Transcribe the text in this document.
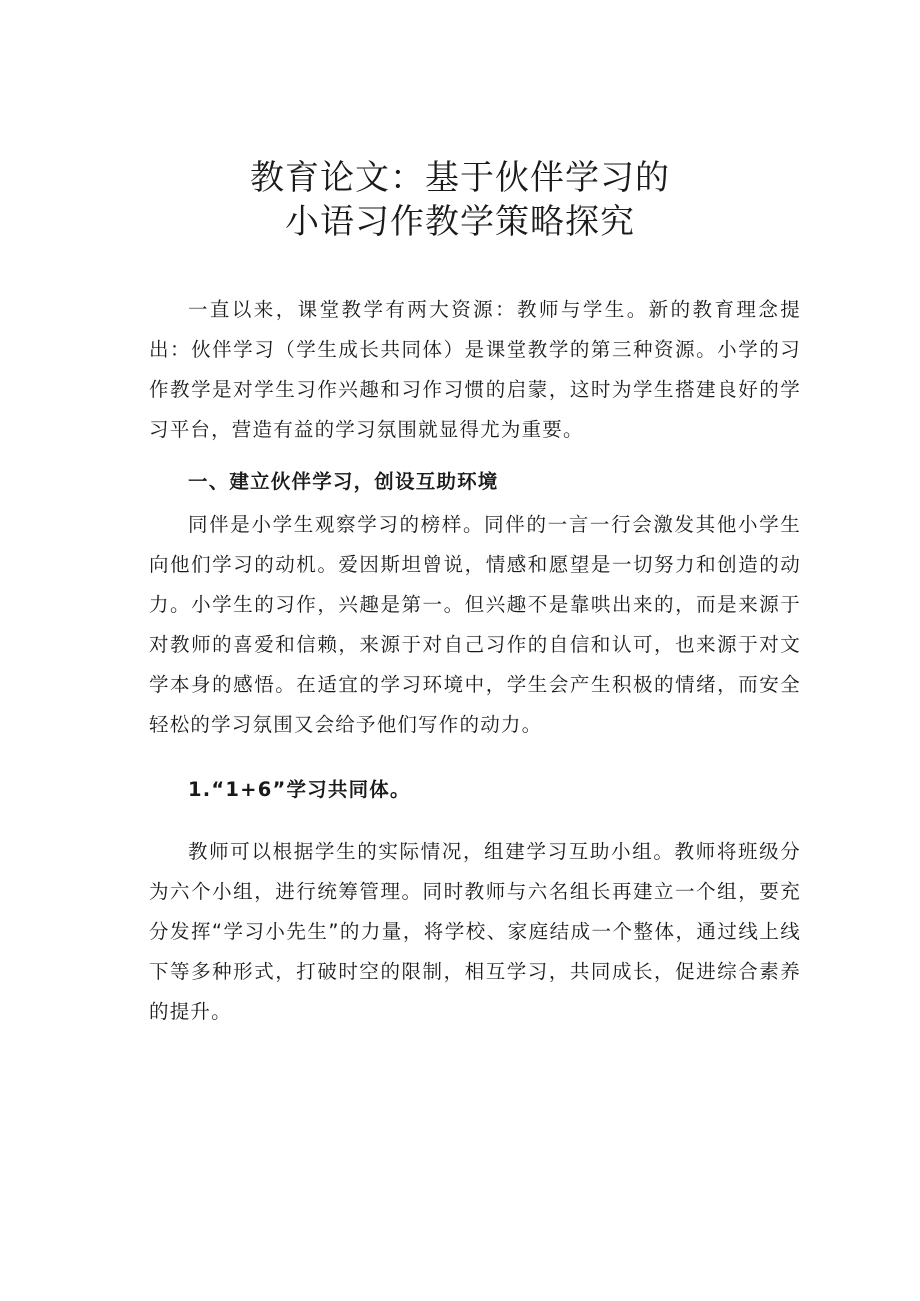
教育论文：基于伙伴学习的
小语习作教学策略探究

一直以来，课堂教学有两大资源：教师与学生。新的教育理念提出：伙伴学习（学生成长共同体）是课堂教学的第三种资源。小学的习作教学是对学生习作兴趣和习作习惯的启蒙，这时为学生搭建良好的学习平台，营造有益的学习氛围就显得尤为重要。

一、建立伙伴学习，创设互助环境

同伴是小学生观察学习的榜样。同伴的一言一行会激发其他小学生向他们学习的动机。爱因斯坦曾说，情感和愿望是一切努力和创造的动力。小学生的习作，兴趣是第一。但兴趣不是靠哄出来的，而是来源于对教师的喜爱和信赖，来源于对自己习作的自信和认可，也来源于对文学本身的感悟。在适宜的学习环境中，学生会产生积极的情绪，而安全轻松的学习氛围又会给予他们写作的动力。

1.“1+6”学习共同体。

教师可以根据学生的实际情况，组建学习互助小组。教师将班级分为六个小组，进行统筹管理。同时教师与六名组长再建立一个组，要充分发挥“学习小先生”的力量，将学校、家庭结成一个整体，通过线上线下等多种形式，打破时空的限制，相互学习，共同成长，促进综合素养的提升。
